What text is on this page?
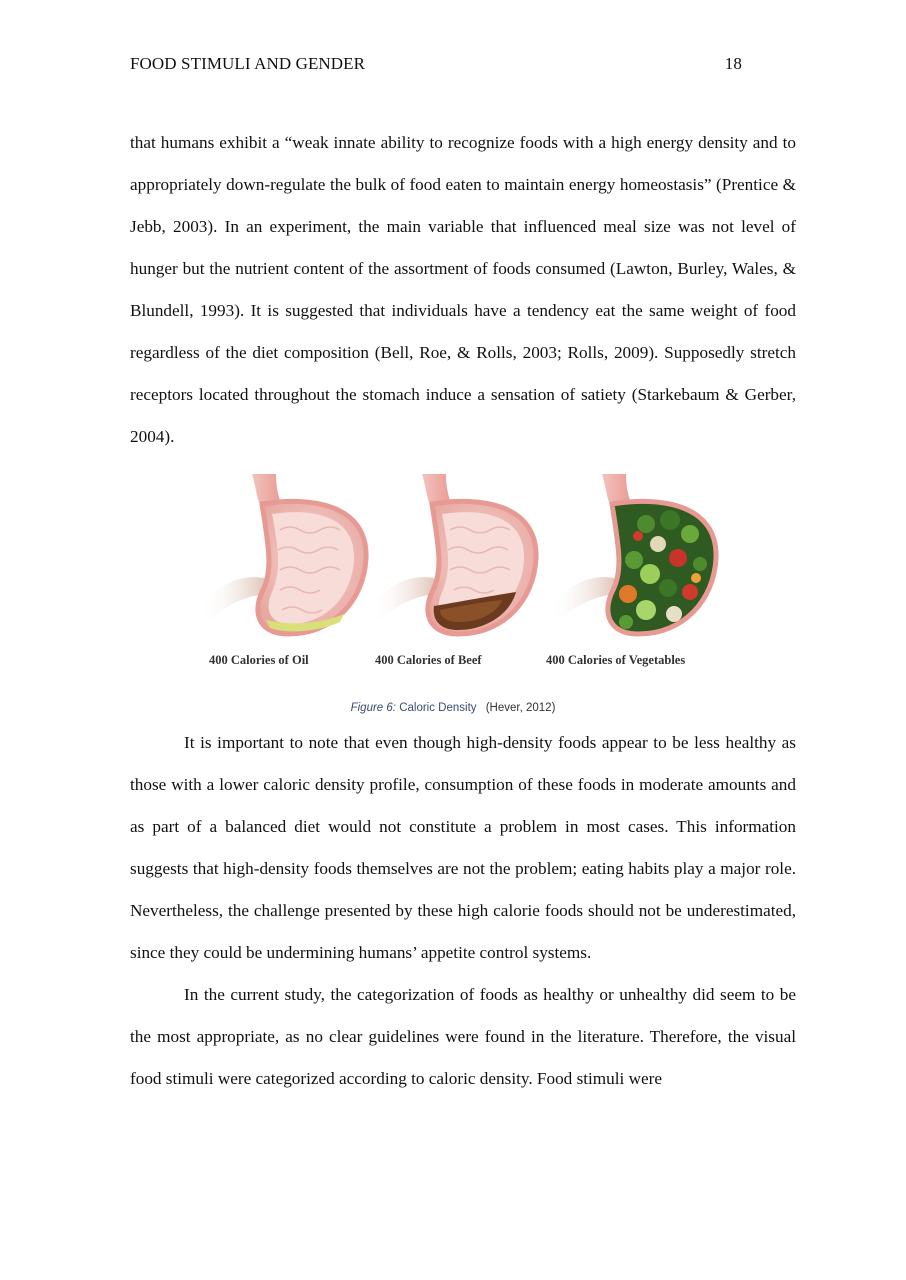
FOOD STIMULI AND GENDER	18

that humans exhibit a “weak innate ability to recognize foods with a high energy density and to appropriately down-regulate the bulk of food eaten to maintain energy homeostasis” (Prentice & Jebb, 2003). In an experiment, the main variable that influenced meal size was not level of hunger but the nutrient content of the assortment of foods consumed (Lawton, Burley, Wales, & Blundell, 1993). It is suggested that individuals have a tendency eat the same weight of food regardless of the diet composition (Bell, Roe, & Rolls, 2003; Rolls, 2009). Supposedly stretch receptors located throughout the stomach induce a sensation of satiety (Starkebaum & Gerber, 2004).

400 Calories of Oil	400 Calories of Beef	400 Calories of Vegetables
Figure 6: Caloric Density (Hever, 2012)

It is important to note that even though high-density foods appear to be less healthy as those with a lower caloric density profile, consumption of these foods in moderate amounts and as part of a balanced diet would not constitute a problem in most cases. This information suggests that high-density foods themselves are not the problem; eating habits play a major role. Nevertheless, the challenge presented by these high calorie foods should not be underestimated, since they could be undermining humans’ appetite control systems.

In the current study, the categorization of foods as healthy or unhealthy did seem to be the most appropriate, as no clear guidelines were found in the literature. Therefore, the visual food stimuli were categorized according to caloric density. Food stimuli were
